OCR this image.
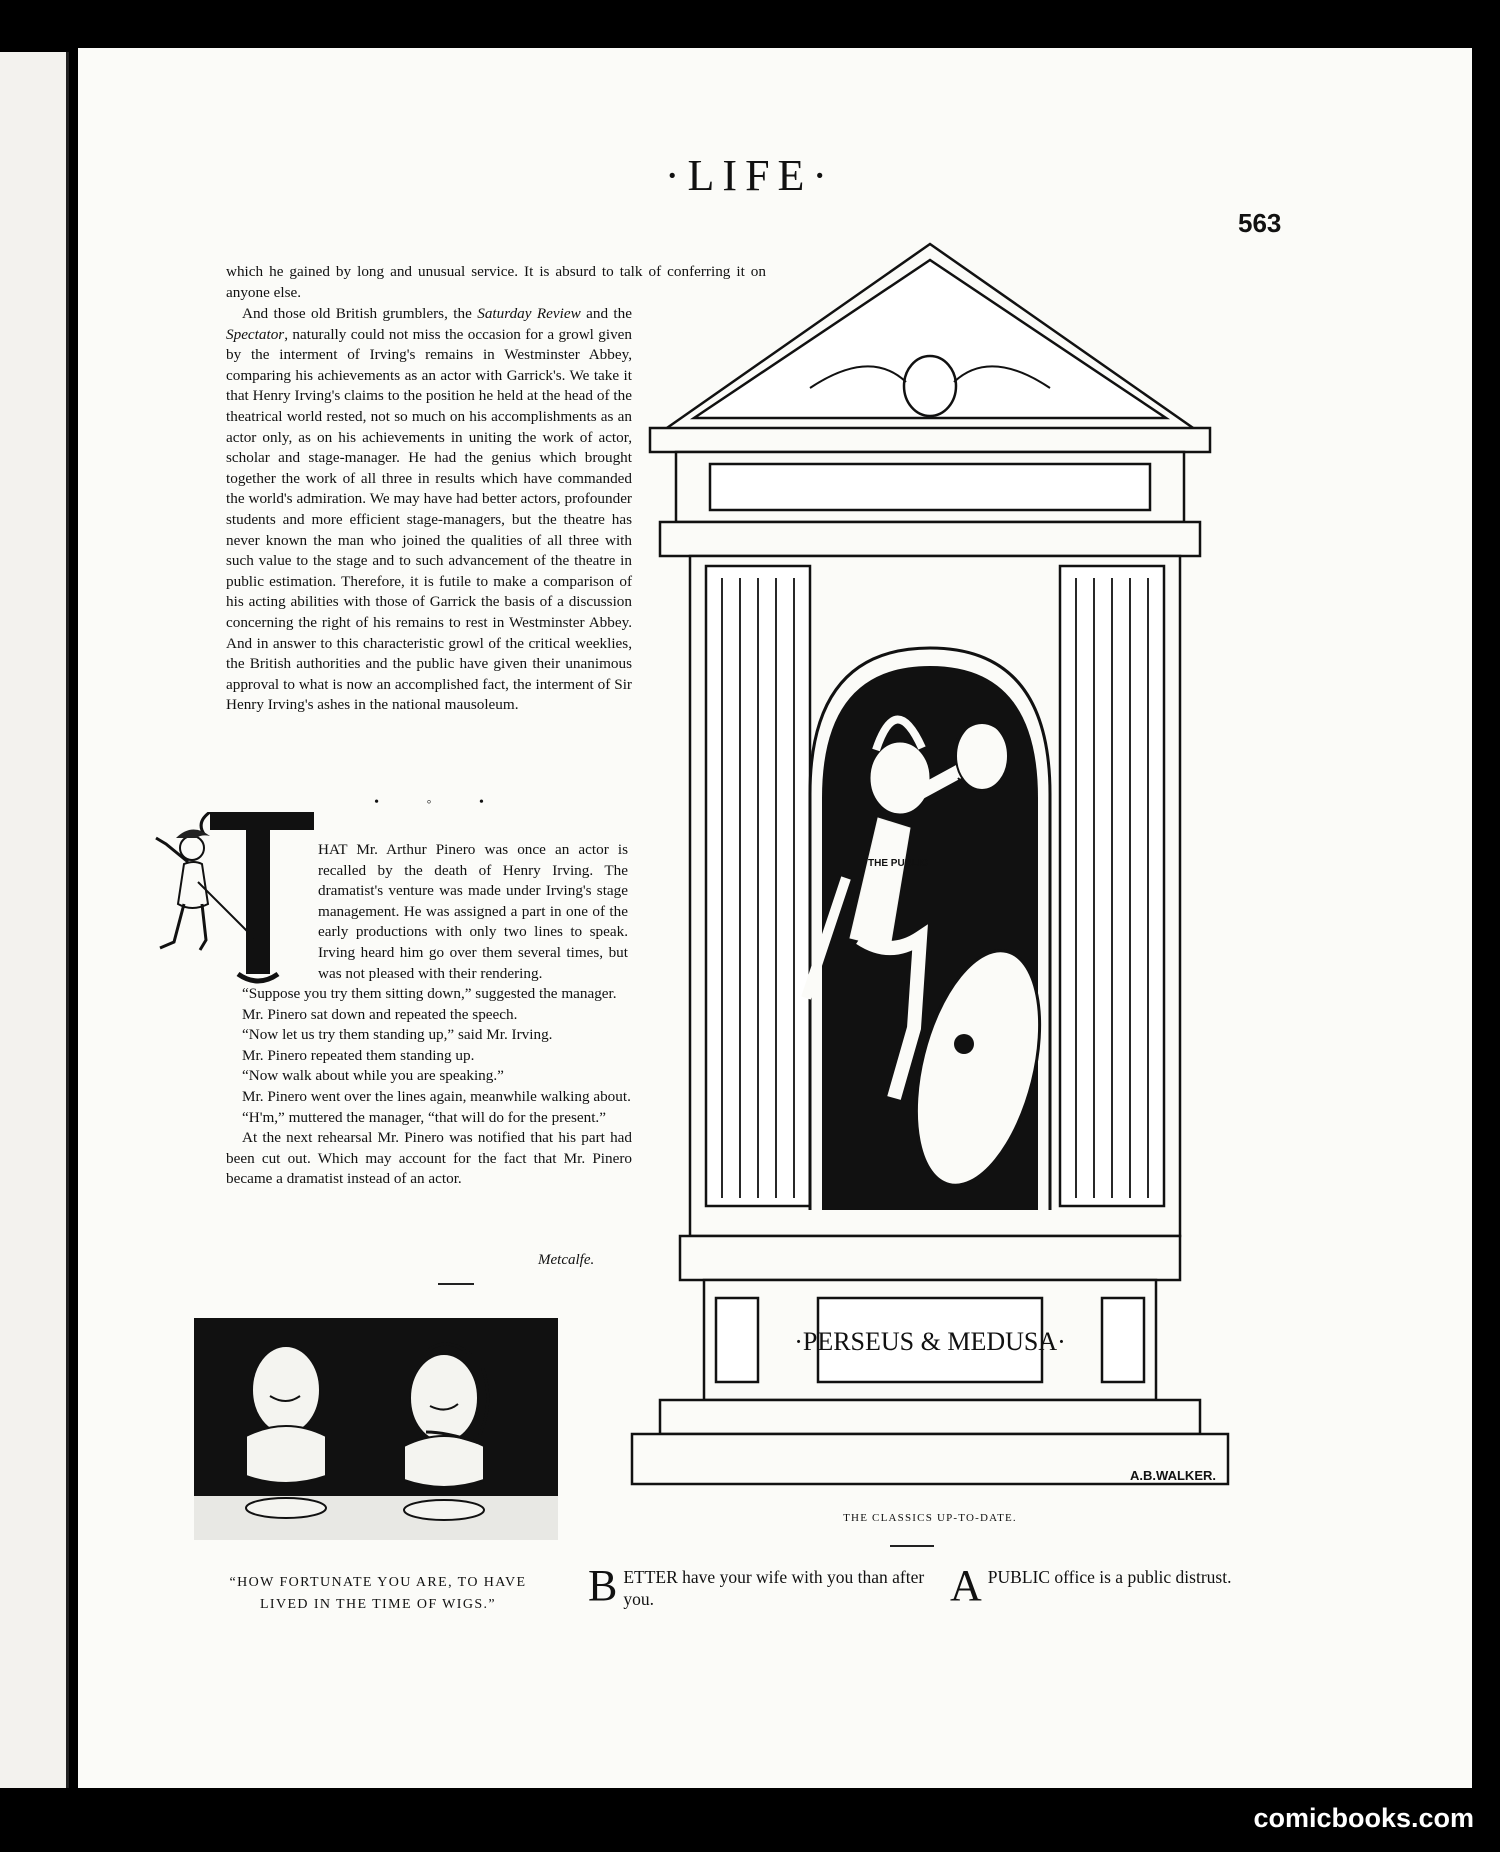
·LIFE·
563

which he gained by long and unusual service. It is absurd to talk of conferring it on anyone else.

And those old British grumblers, the Saturday Review and the Spectator, naturally could not miss the occasion for a growl given by the interment of Irving's remains in Westminster Abbey, comparing his achievements as an actor with Garrick's. We take it that Henry Irving's claims to the position he held at the head of the theatrical world rested, not so much on his accomplishments as an actor only, as on his achievements in uniting the work of actor, scholar and stage-manager. He had the genius which brought together the work of all three in results which have commanded the world's admiration. We may have had better actors, profounder students and more efficient stage-managers, but the theatre has never known the man who joined the qualities of all three with such value to the stage and to such advancement of the theatre in public estimation. Therefore, it is futile to make a comparison of his acting abilities with those of Garrick the basis of a discussion concerning the right of his remains to rest in Westminster Abbey. And in answer to this characteristic growl of the critical weeklies, the British authorities and the public have given their unanimous approval to what is now an accomplished fact, the interment of Sir Henry Irving's ashes in the national mausoleum.

• ◦ •

HAT Mr. Arthur Pinero was once an actor is recalled by the death of Henry Irving. The dramatist's venture was made under Irving's stage management. He was assigned a part in one of the early productions with only two lines to speak. Irving heard him go over them several times, but was not pleased with their rendering.

“Suppose you try them sitting down,” suggested the manager.

Mr. Pinero sat down and repeated the speech.

“Now let us try them standing up,” said Mr. Irving.

Mr. Pinero repeated them standing up.

“Now walk about while you are speaking.”

Mr. Pinero went over the lines again, meanwhile walking about.

“H'm,” muttered the manager, “that will do for the present.”

At the next rehearsal Mr. Pinero was notified that his part had been cut out. Which may account for the fact that Mr. Pinero became a dramatist instead of an actor.

Metcalfe.
“HOW FORTUNATE YOU ARE, TO HAVE
LIVED IN THE TIME OF WIGS.”
THE PUBLIC
·PERSEUS & MEDUSA·
A.B.WALKER.
THE CLASSICS UP-TO-DATE.
BETTER have your wife with you than after you.	APUBLIC office is a public distrust.
comicbooks.com
